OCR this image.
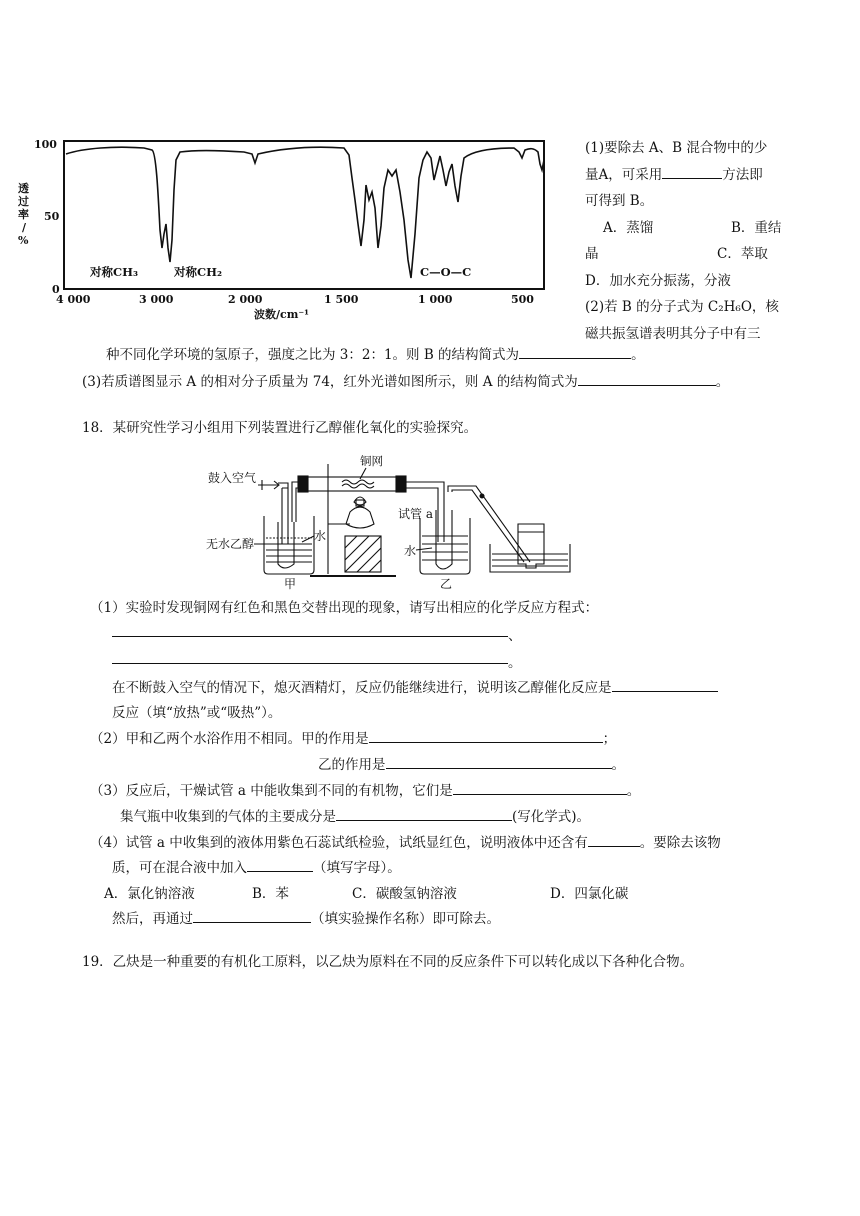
100
50
0
透过率/ %
4 000	3 000	2 000	1 500	1 000	500
波数/cm⁻¹
对称CH₃	对称CH₂	C—O—C
(1)要除去 A、B 混合物中的少
量A，可采用	方法即
可得到 B。
A．蒸馏	B．重结
晶	C．萃取
D．加水充分振荡，分液
(2)若 B 的分子式为 C₂H₆O，核
磁共振氢谱表明其分子中有三
种不同化学环境的氢原子，强度之比为 3：2：1。则 B 的结构简式为	。
(3)若质谱图显示 A 的相对分子质量为 74，红外光谱如图所示，则 A 的结构简式为	。
18．某研究性学习小组用下列装置进行乙醇催化氧化的实验探究。
鼓入空气
铜网
无水乙醇
水
试管 a
水
甲	乙
（1）实验时发现铜网有红色和黑色交替出现的现象，请写出相应的化学反应方程式：
、
。
在不断鼓入空气的情况下，熄灭酒精灯，反应仍能继续进行，说明该乙醇催化反应是
反应（填“放热”或“吸热”）。
（2）甲和乙两个水浴作用不相同。甲的作用是	；
乙的作用是	。
（3）反应后，干燥试管 a 中能收集到不同的有机物，它们是	。
集气瓶中收集到的气体的主要成分是	(写化学式)。
（4）试管 a 中收集到的液体用紫色石蕊试纸检验，试纸显红色，说明液体中还含有	。要除去该物
质，可在混合液中加入	（填写字母）。
A．氯化钠溶液	B．苯	C．碳酸氢钠溶液	D．四氯化碳
然后，再通过	（填实验操作名称）即可除去。
19．乙炔是一种重要的有机化工原料，以乙炔为原料在不同的反应条件下可以转化成以下各种化合物。
